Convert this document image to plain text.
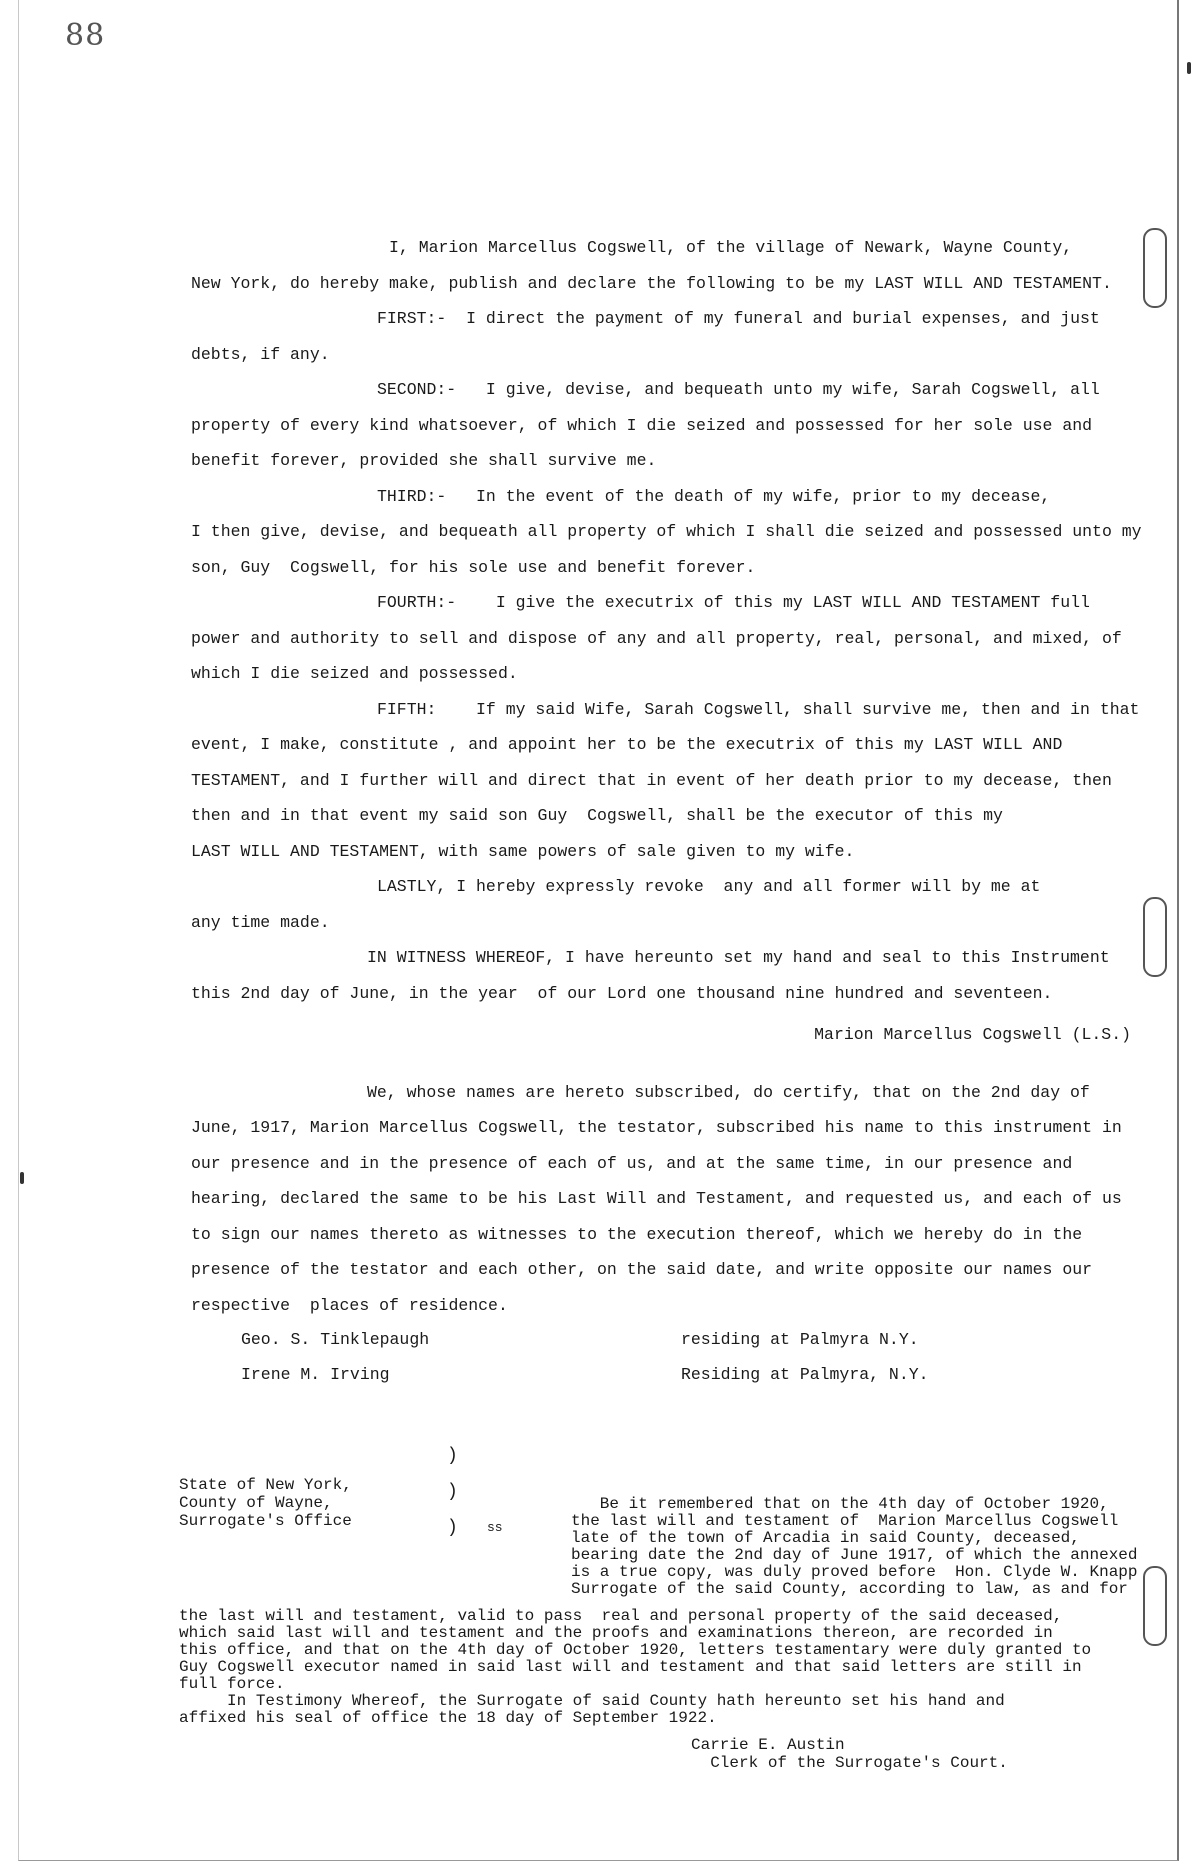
88
I, Marion Marcellus Cogswell, of the village of Newark, Wayne County,
New York, do hereby make, publish and declare the following to be my LAST WILL AND TESTAMENT.
FIRST:-  I direct the payment of my funeral and burial expenses, and just
debts, if any.
SECOND:-   I give, devise, and bequeath unto my wife, Sarah Cogswell, all
property of every kind whatsoever, of which I die seized and possessed for her sole use and
benefit forever, provided she shall survive me.
THIRD:-   In the event of the death of my wife, prior to my decease,
I then give, devise, and bequeath all property of which I shall die seized and possessed unto my
son, Guy  Cogswell, for his sole use and benefit forever.
FOURTH:-    I give the executrix of this my LAST WILL AND TESTAMENT full
power and authority to sell and dispose of any and all property, real, personal, and mixed, of
which I die seized and possessed.
FIFTH:    If my said Wife, Sarah Cogswell, shall survive me, then and in that
event, I make, constitute , and appoint her to be the executrix of this my LAST WILL AND
TESTAMENT, and I further will and direct that in event of her death prior to my decease, then
then and in that event my said son Guy  Cogswell, shall be the executor of this my
LAST WILL AND TESTAMENT, with same powers of sale given to my wife.
LASTLY, I hereby expressly revoke  any and all former will by me at
any time made.
IN WITNESS WHEREOF, I have hereunto set my hand and seal to this Instrument
this 2nd day of June, in the year  of our Lord one thousand nine hundred and seventeen.
Marion Marcellus Cogswell (L.S.)
We, whose names are hereto subscribed, do certify, that on the 2nd day of
June, 1917, Marion Marcellus Cogswell, the testator, subscribed his name to this instrument in
our presence and in the presence of each of us, and at the same time, in our presence and
hearing, declared the same to be his Last Will and Testament, and requested us, and each of us
to sign our names thereto as witnesses to the execution thereof, which we hereby do in the
presence of the testator and each other, on the said date, and write opposite our names our
respective  places of residence.
Geo. S. Tinklepaugh	residing at Palmyra N.Y.
Irene M. Irving	Residing at Palmyra, N.Y.
State of New York,
County of Wayne,
Surrogate's Office
)
)
) ss
Be it remembered that on the 4th day of October 1920,
the last will and testament of  Marion Marcellus Cogswell
late of the town of Arcadia in said County, deceased,
bearing date the 2nd day of June 1917, of which the annexed
is a true copy, was duly proved before  Hon. Clyde W. Knapp
Surrogate of the said County, according to law, as and for
the last will and testament, valid to pass  real and personal property of the said deceased,
which said last will and testament and the proofs and examinations thereon, are recorded in
this office, and that on the 4th day of October 1920, letters testamentary were duly granted to
Guy Cogswell executor named in said last will and testament and that said letters are still in
full force.
In Testimony Whereof, the Surrogate of said County hath hereunto set his hand and
affixed his seal of office the 18 day of September 1922.
Carrie E. Austin
Clerk of the Surrogate's Court.
